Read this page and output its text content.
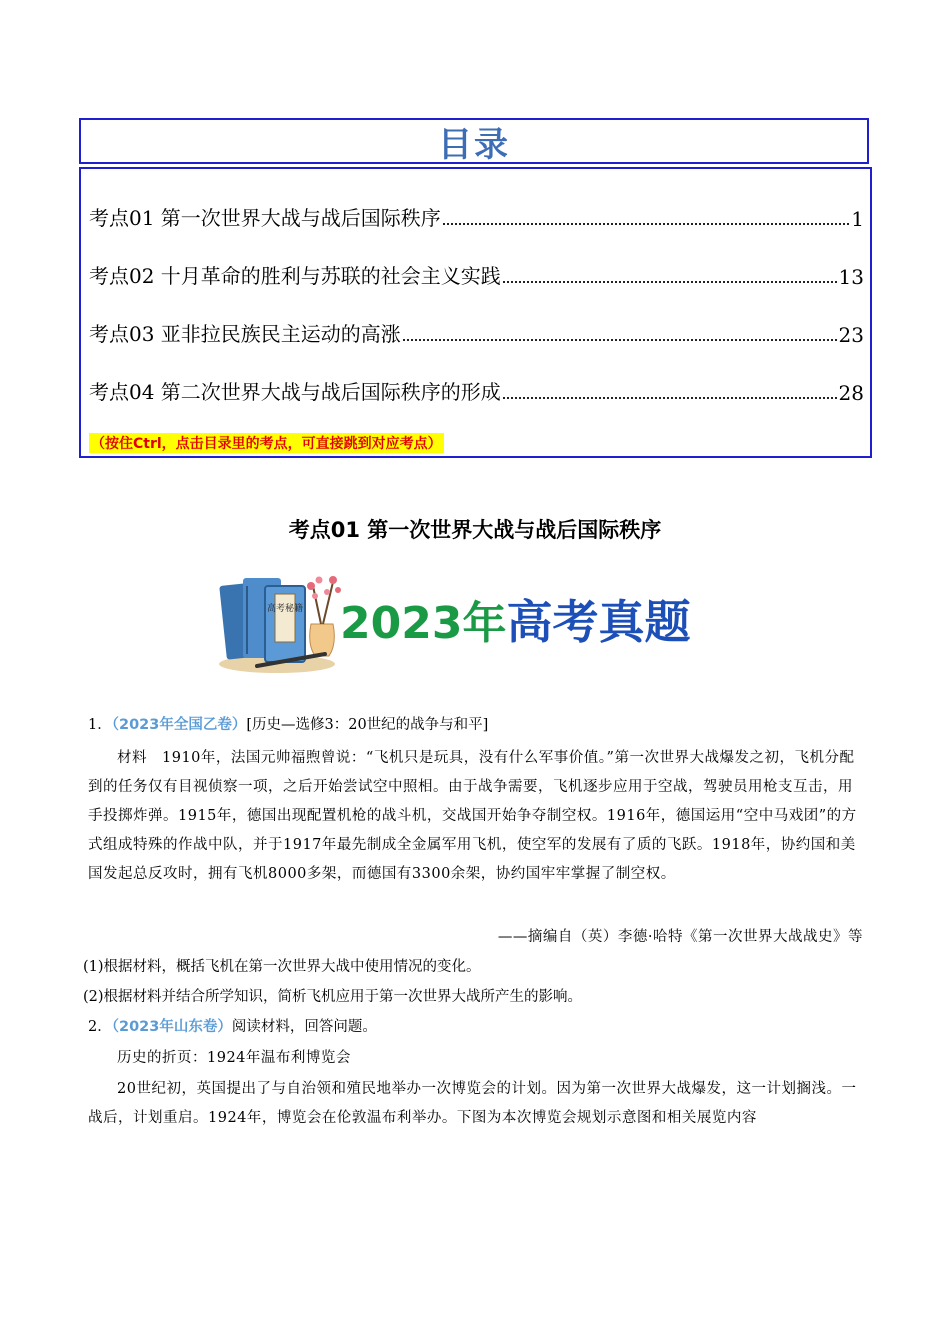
目录
考点01 第一次世界大战与战后国际秩序	1
考点02 十月革命的胜利与苏联的社会主义实践	13
考点03 亚非拉民族民主运动的高涨	23
考点04 第二次世界大战与战后国际秩序的形成	28
（按住Ctrl，点击目录里的考点，可直接跳到对应考点）
考点01 第一次世界大战与战后国际秩序
高考秘籍 2023年高考真题
1．（2023年全国乙卷）[历史—选修3：20世纪的战争与和平]
材料　1910年，法国元帅福煦曾说：“飞机只是玩具，没有什么军事价值。”第一次世界大战爆发之初，飞机分配到的任务仅有目视侦察一项，之后开始尝试空中照相。由于战争需要，飞机逐步应用于空战，驾驶员用枪支互击，用手投掷炸弹。1915年，德国出现配置机枪的战斗机，交战国开始争夺制空权。1916年，德国运用“空中马戏团”的方式组成特殊的作战中队，并于1917年最先制成全金属军用飞机，使空军的发展有了质的飞跃。1918年，协约国和美国发起总反攻时，拥有飞机8000多架，而德国有3300余架，协约国牢牢掌握了制空权。
——摘编自（英）李德·哈特《第一次世界大战战史》等
(1)根据材料，概括飞机在第一次世界大战中使用情况的变化。
(2)根据材料并结合所学知识，简析飞机应用于第一次世界大战所产生的影响。
2．（2023年山东卷）阅读材料，回答问题。
历史的折页：1924年温布利博览会
20世纪初，英国提出了与自治领和殖民地举办一次博览会的计划。因为第一次世界大战爆发，这一计划搁浅。一战后，计划重启。1924年，博览会在伦敦温布利举办。下图为本次博览会规划示意图和相关展览内容
